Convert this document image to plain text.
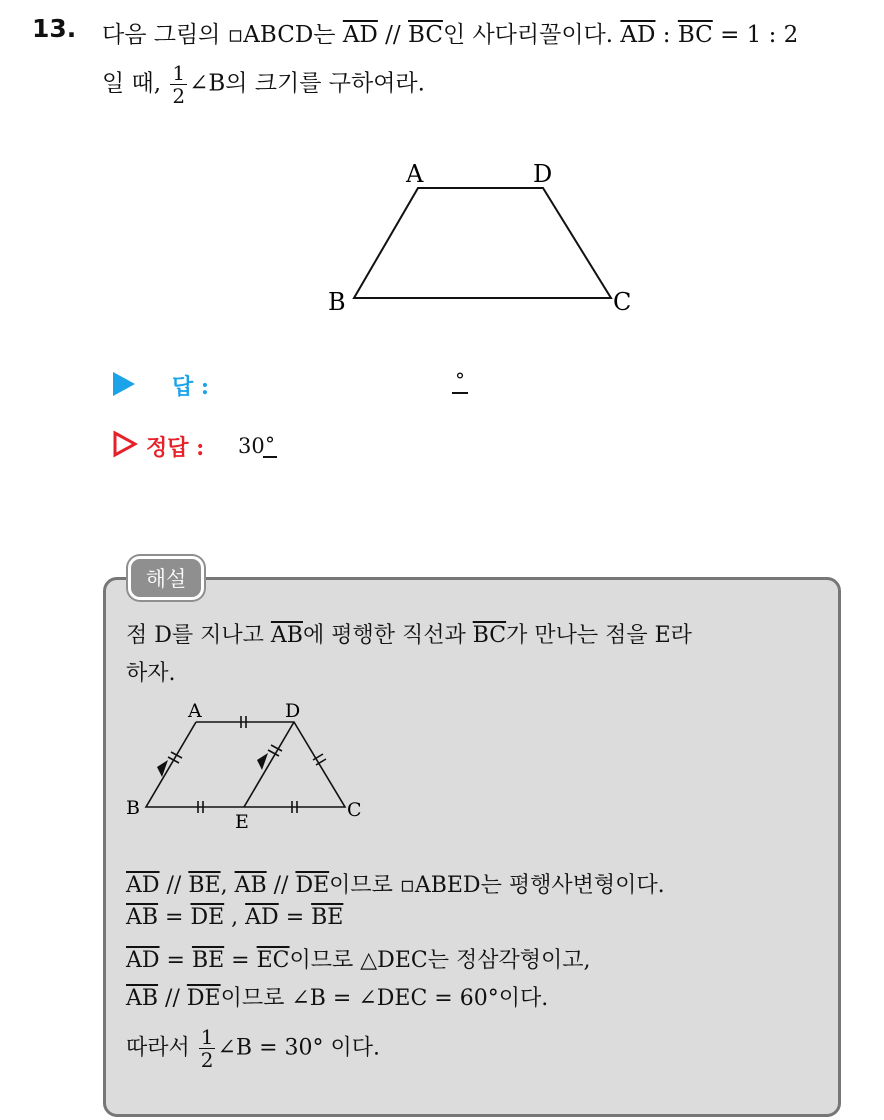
13. 다음 그림의 ▫ABCD는 $\overline{AD} // \overline{BC}$인 사다리꼴이다. $\overline{AD}$ : $\overline{BC} = 1$ : 2
일 때, $\frac{1}{2}$ ∠B의 크기를 구하여라.
A	D
B	C
답 :	°
정답 : 30 °
해설
점 D를 지나고 $\overline{AB}$에 평행한 직선과 $\overline{BC}$가 만나는 점을 E라
하자.
A	D
B	C
E
$\overline{AD} // \overline{BE}$, $\overline{AB} // \overline{DE}$이므로 ▫ABED는 평행사변형이다.
$\overline{AB} = \overline{DE}$ , $\overline{AD} = \overline{BE}$
$\overline{AD} = \overline{BE} = \overline{EC}$이므로 △DEC는 정삼각형이고,
$\overline{AB} // \overline{DE}$이므로 ∠B = ∠DEC = 60°이다.
따라서 $\frac{1}{2}$ ∠B = 30° 이다.
